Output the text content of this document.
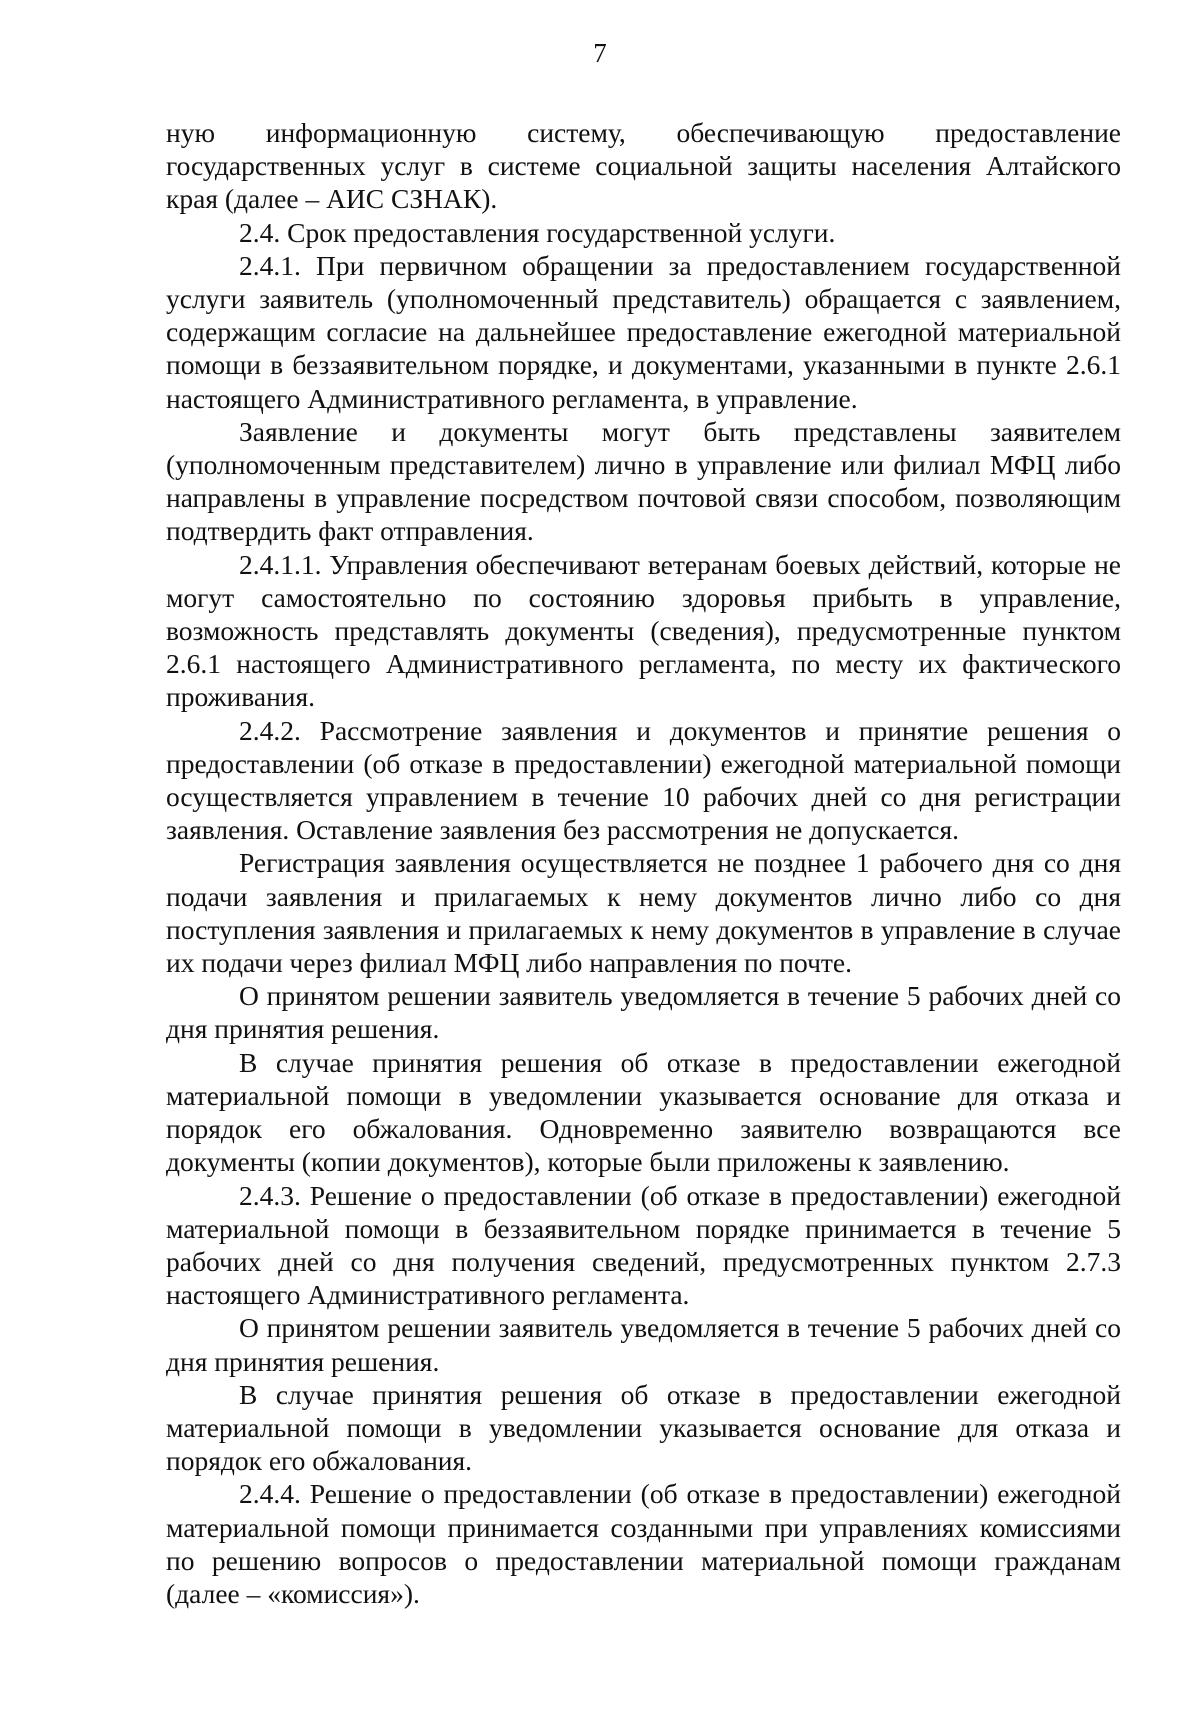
7

ную информационную систему, обеспечивающую предоставление государственных услуг в системе социальной защиты населения Алтайского края (далее – АИС СЗНАК).

2.4. Срок предоставления государственной услуги.

2.4.1. При первичном обращении за предоставлением государственной услуги заявитель (уполномоченный представитель) обращается с заявлением, содержащим согласие на дальнейшее предоставление ежегодной материальной помощи в беззаявительном порядке, и документами, указанными в пункте 2.6.1 настоящего Административного регламента, в управление.

Заявление и документы могут быть представлены заявителем (уполномоченным представителем) лично в управление или филиал МФЦ либо направлены в управление посредством почтовой связи способом, позволяющим подтвердить факт отправления.

2.4.1.1. Управления обеспечивают ветеранам боевых действий, которые не могут самостоятельно по состоянию здоровья прибыть в управление, возможность представлять документы (сведения), предусмотренные пунктом 2.6.1 настоящего Административного регламента, по месту их фактического проживания.

2.4.2. Рассмотрение заявления и документов и принятие решения о предоставлении (об отказе в предоставлении) ежегодной материальной помощи осуществляется управлением в течение 10 рабочих дней со дня регистрации заявления. Оставление заявления без рассмотрения не допускается.

Регистрация заявления осуществляется не позднее 1 рабочего дня со дня подачи заявления и прилагаемых к нему документов лично либо со дня поступления заявления и прилагаемых к нему документов в управление в случае их подачи через филиал МФЦ либо направления по почте.

О принятом решении заявитель уведомляется в течение 5 рабочих дней со дня принятия решения.

В случае принятия решения об отказе в предоставлении ежегодной материальной помощи в уведомлении указывается основание для отказа и порядок его обжалования. Одновременно заявителю возвращаются все документы (копии документов), которые были приложены к заявлению.

2.4.3. Решение о предоставлении (об отказе в предоставлении) ежегодной материальной помощи в беззаявительном порядке принимается в течение 5 рабочих дней со дня получения сведений, предусмотренных пунктом 2.7.3 настоящего Административного регламента.

О принятом решении заявитель уведомляется в течение 5 рабочих дней со дня принятия решения.

В случае принятия решения об отказе в предоставлении ежегодной материальной помощи в уведомлении указывается основание для отказа и порядок его обжалования.

2.4.4. Решение о предоставлении (об отказе в предоставлении) ежегодной материальной помощи принимается созданными при управлениях комиссиями по решению вопросов о предоставлении материальной помощи гражданам (далее – «комиссия»).
